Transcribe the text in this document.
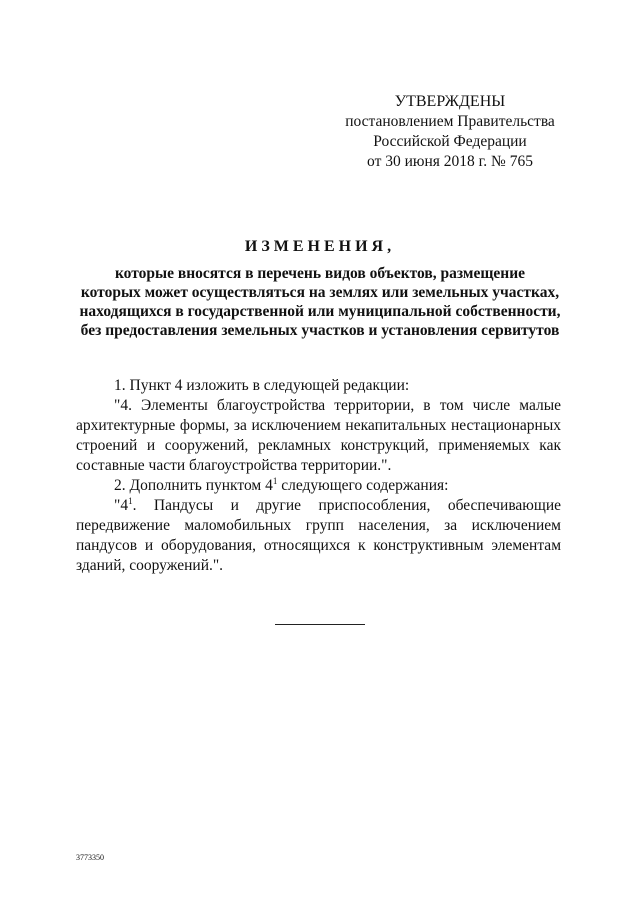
УТВЕРЖДЕНЫ
постановлением Правительства
Российской Федерации
от 30 июня 2018 г. № 765
ИЗМЕНЕНИЯ,
которые вносятся в перечень видов объектов, размещение
которых может осуществляться на землях или земельных участках,
находящихся в государственной или муниципальной собственности,
без предоставления земельных участков и установления сервитутов

1. Пункт 4 изложить в следующей редакции:

"4. Элементы благоустройства территории, в том числе малые архитектурные формы, за исключением некапитальных нестационарных строений и сооружений, рекламных конструкций, применяемых как составные части благоустройства территории.".

2. Дополнить пунктом $4^1$ следующего содержания:

"$4^1$. Пандусы и другие приспособления, обеспечивающие передвижение маломобильных групп населения, за исключением пандусов и оборудования, относящихся к конструктивным элементам зданий, сооружений.".

3773350
